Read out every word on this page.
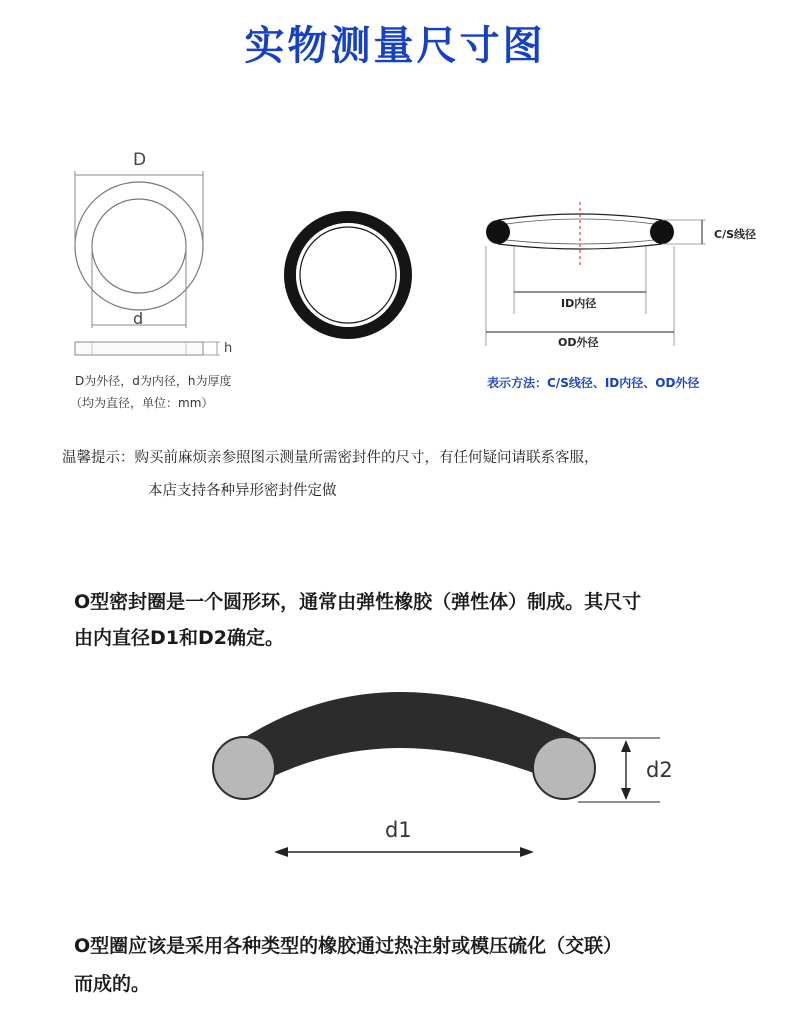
实物测量尺寸图
D
d
h
D为外径，d为内径，h为厚度
（均为直径，单位：mm）
C/S线径
ID内径
OD外径
表示方法：C/S线径、ID内径、OD外径
温馨提示：购买前麻烦亲参照图示测量所需密封件的尺寸，有任何疑问请联系客服，
本店支持各种异形密封件定做
O型密封圈是一个圆形环，通常由弹性橡胶（弹性体）制成。其尺寸
由内直径D1和D2确定。
d2
d1
O型圈应该是采用各种类型的橡胶通过热注射或模压硫化（交联）
而成的。
